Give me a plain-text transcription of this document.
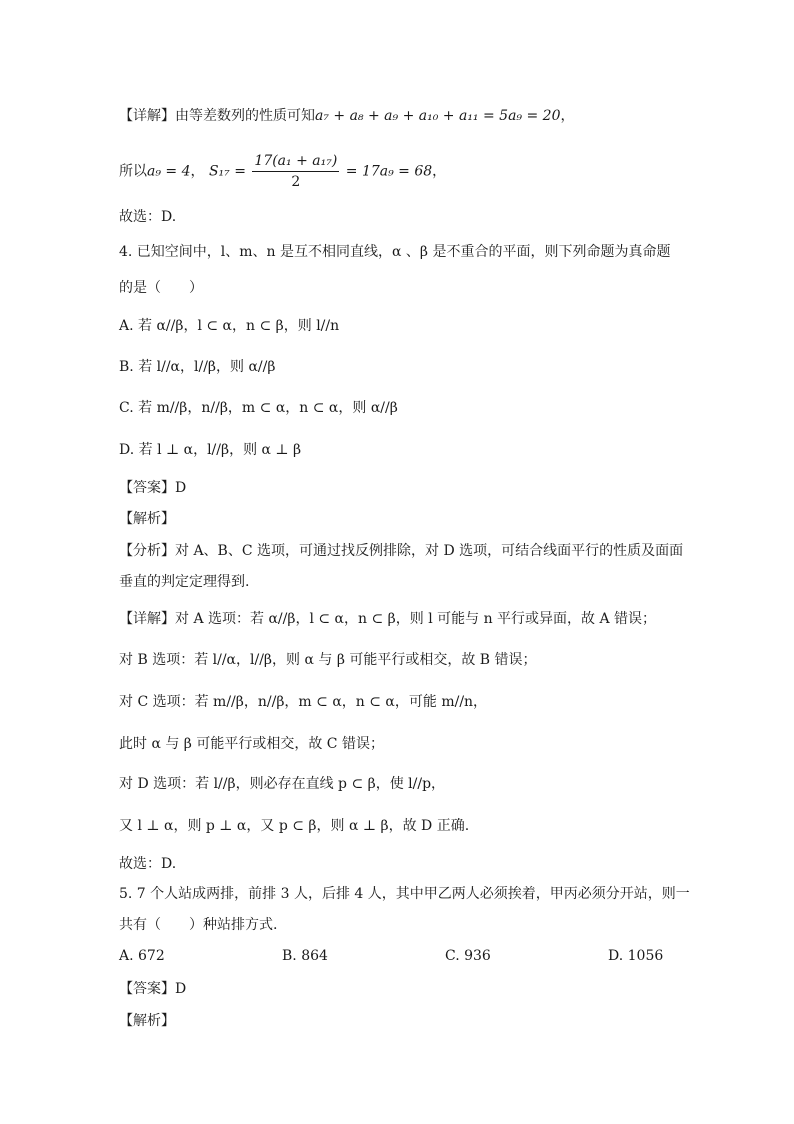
【详解】由等差数列的性质可知a₇ + a₈ + a₉ + a₁₀ + a₁₁ = 5a₉ = 20，
所以a₉ = 4， $S_{17} = \frac{\text{17(a₁ + a₁₇)}}{2} = 17a_9 = 68$，
故选：D.
4. 已知空间中，l、m、n 是互不相同直线，α 、β 是不重合的平面，则下列命题为真命题
的是（　　）
A. 若 α//β，l ⊂ α，n ⊂ β，则 l//n
B. 若 l//α，l//β，则 α//β
C. 若 m//β，n//β，m ⊂ α，n ⊂ α，则 α//β
D. 若 l ⊥ α，l//β，则 α ⊥ β
【答案】D
【解析】
【分析】对 A、B、C 选项，可通过找反例排除，对 D 选项，可结合线面平行的性质及面面
垂直的判定定理得到.
【详解】对 A 选项：若 α//β，l ⊂ α，n ⊂ β，则 l 可能与 n 平行或异面，故 A 错误；
对 B 选项：若 l//α，l//β，则 α 与 β 可能平行或相交，故 B 错误；
对 C 选项：若 m//β，n//β，m ⊂ α，n ⊂ α，可能 m//n，
此时 α 与 β 可能平行或相交，故 C 错误；
对 D 选项：若 l//β，则必存在直线 p ⊂ β，使 l//p，
又 l ⊥ α，则 p ⊥ α，又 p ⊂ β，则 α ⊥ β，故 D 正确.
故选：D.
5. 7 个人站成两排，前排 3 人，后排 4 人，其中甲乙两人必须挨着，甲丙必须分开站，则一
共有（　　）种站排方式.
A. 672	B. 864	C. 936	D. 1056
【答案】D
【解析】
